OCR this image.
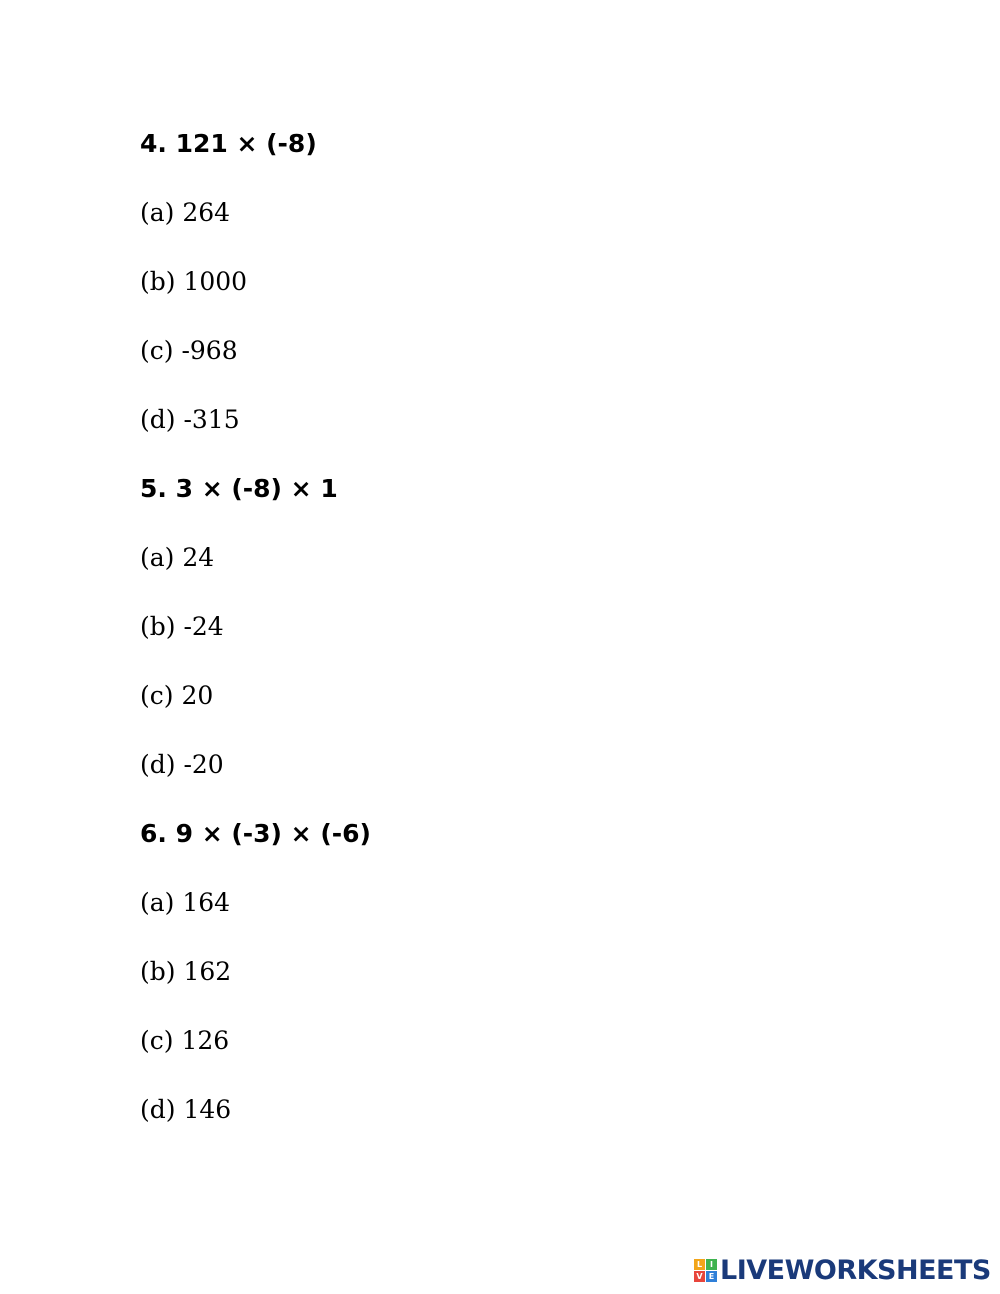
4. 121 × (-8)

(a) 264

(b) 1000

(c) -968

(d) -315

5. 3 × (-8) × 1

(a) 24

(b) -24

(c) 20

(d) -20

6. 9 × (-3) × (-6)

(a) 164

(b) 162

(c) 126

(d) 146

L I
V E LIVEWORKSHEETS
